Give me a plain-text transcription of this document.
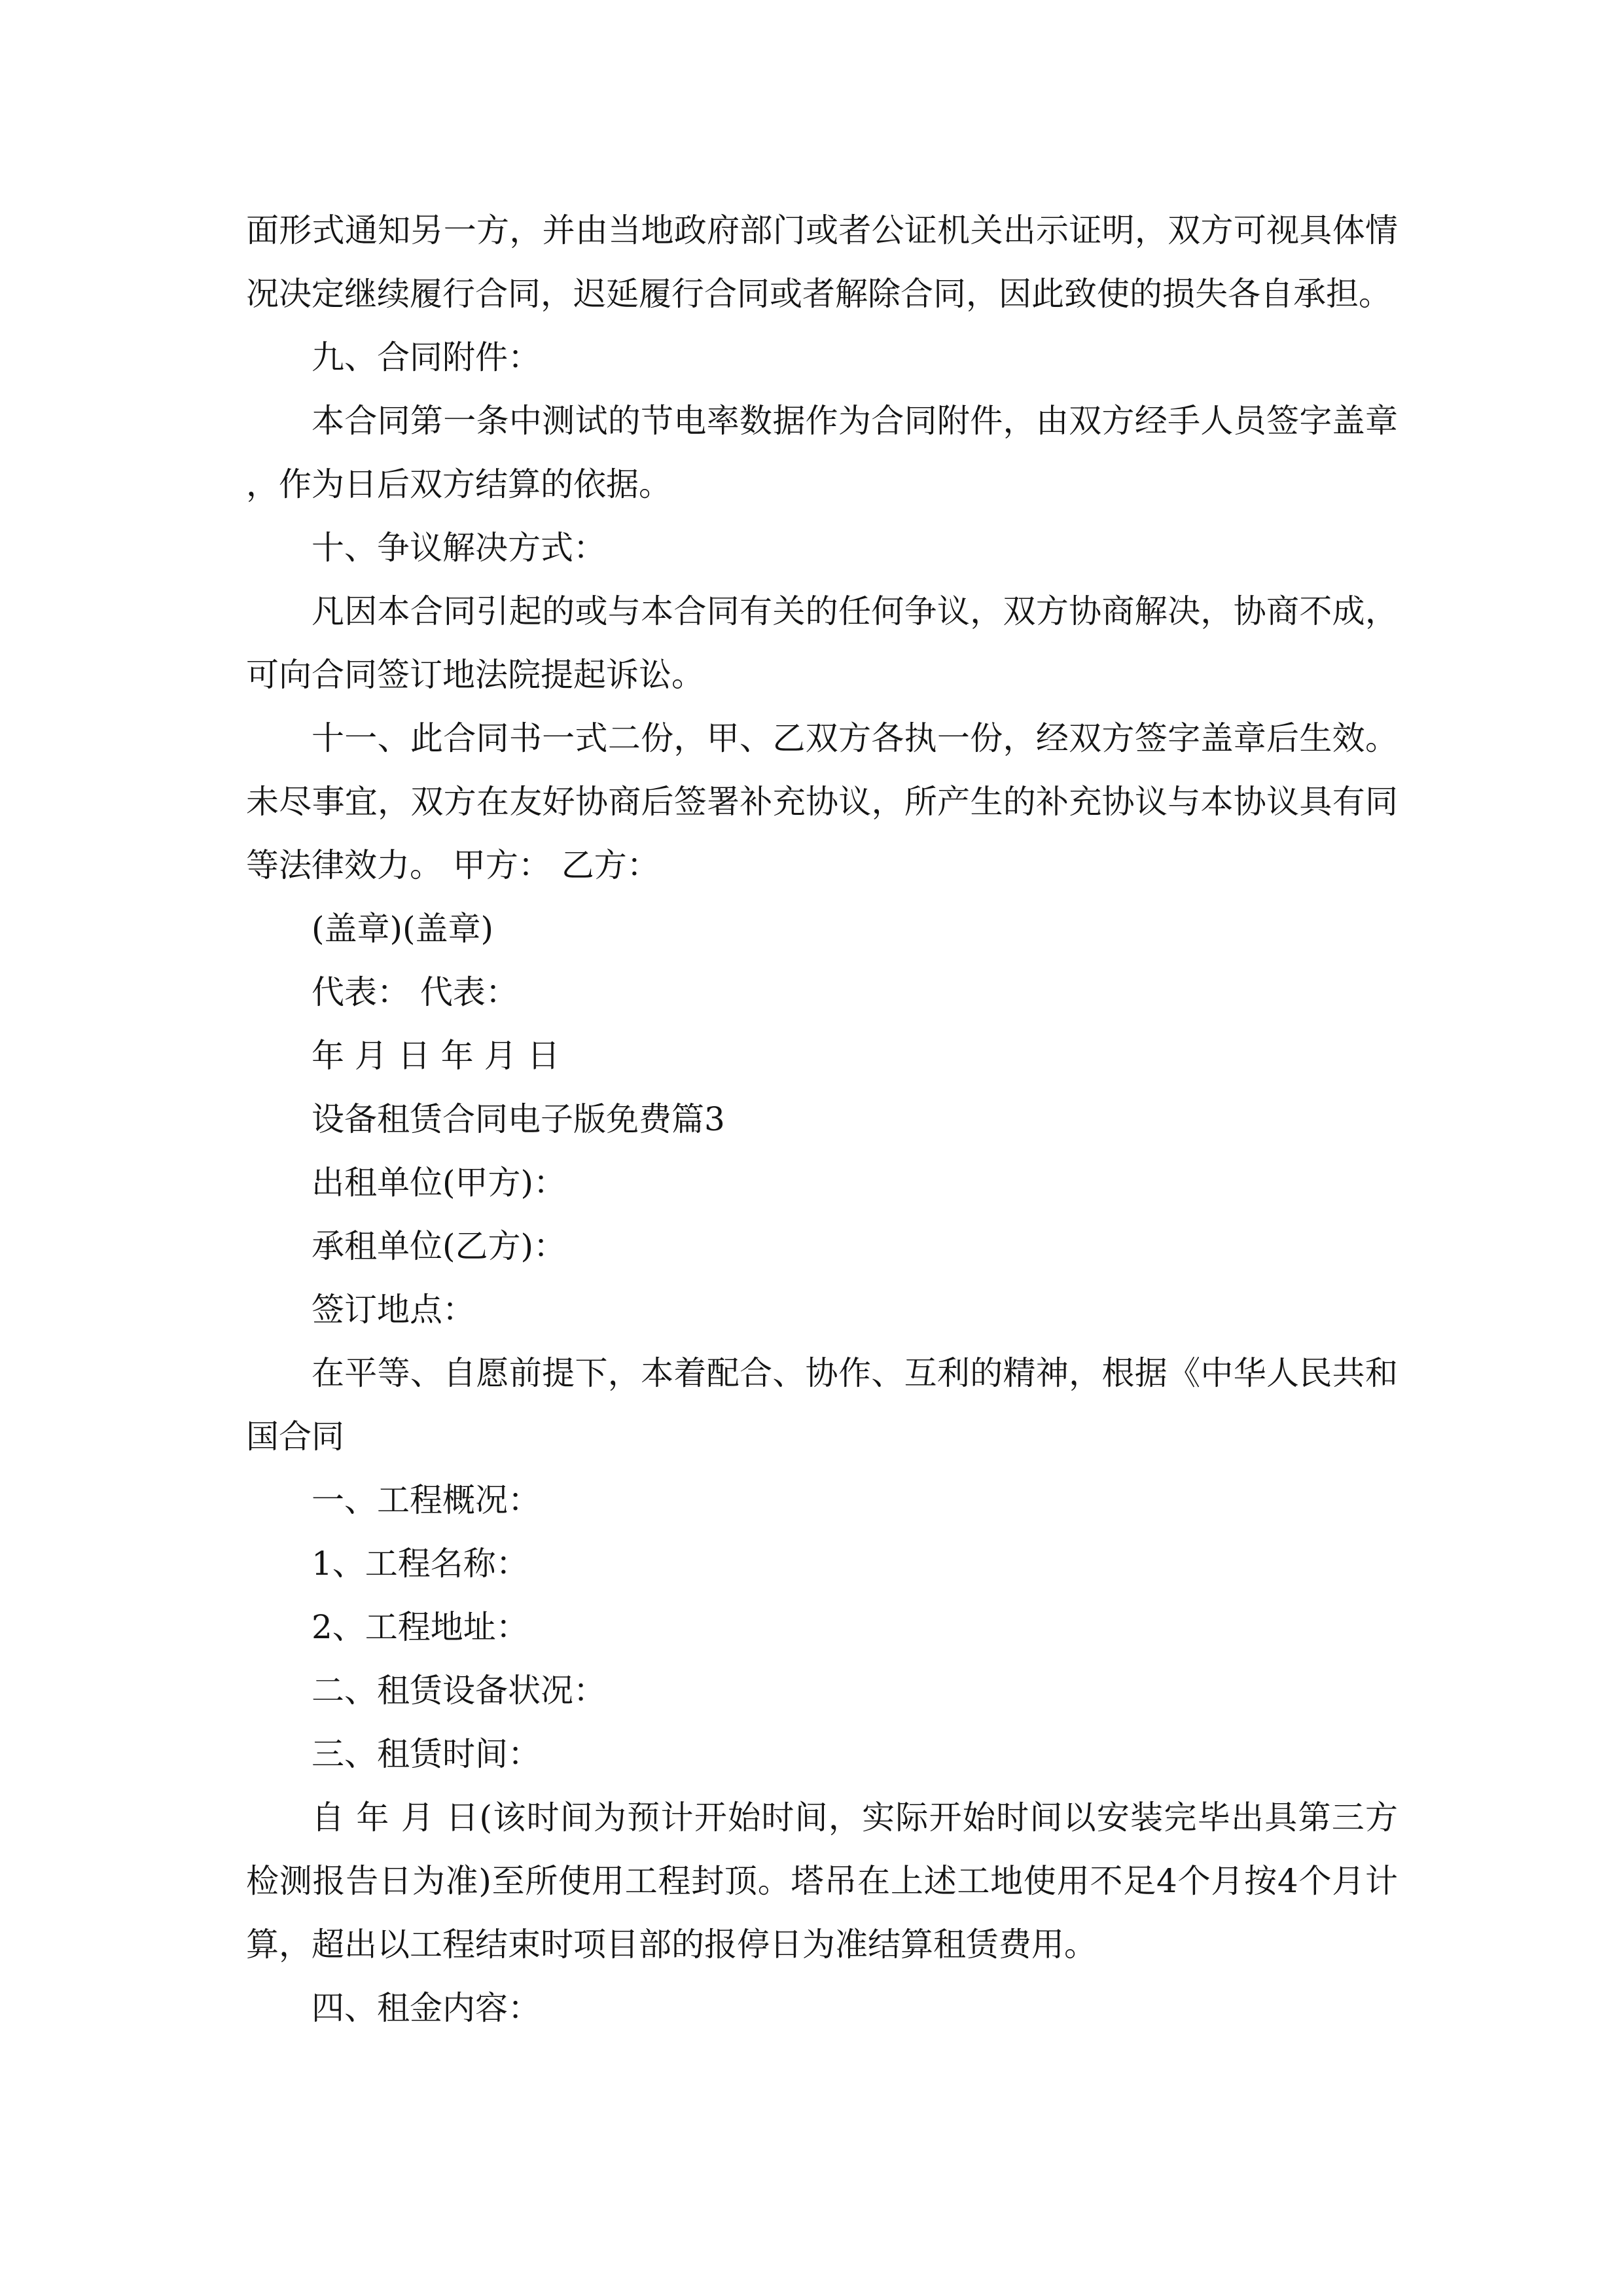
面形式通知另一方，并由当地政府部门或者公证机关出示证明，双方可视具体情况决定继续履行合同，迟延履行合同或者解除合同，因此致使的损失各自承担。

九、合同附件：

本合同第一条中测试的节电率数据作为合同附件，由双方经手人员签字盖章，作为日后双方结算的依据。

十、争议解决方式：

凡因本合同引起的或与本合同有关的任何争议，双方协商解决，协商不成，可向合同签订地法院提起诉讼。

十一、此合同书一式二份，甲、乙双方各执一份，经双方签字盖章后生效。未尽事宜，双方在友好协商后签署补充协议，所产生的补充协议与本协议具有同等法律效力。 甲方： 乙方：

(盖章)(盖章)

代表： 代表：

年 月 日 年 月 日

设备租赁合同电子版免费篇3

出租单位(甲方)：

承租单位(乙方)：

签订地点：

在平等、自愿前提下，本着配合、协作、互利的精神，根据《中华人民共和国合同

一、工程概况：

1、工程名称：

2、工程地址：

二、租赁设备状况：

三、租赁时间：

自 年 月 日(该时间为预计开始时间，实际开始时间以安装完毕出具第三方检测报告日为准)至所使用工程封顶。塔吊在上述工地使用不足4个月按4个月计算，超出以工程结束时项目部的报停日为准结算租赁费用。

四、租金内容：
